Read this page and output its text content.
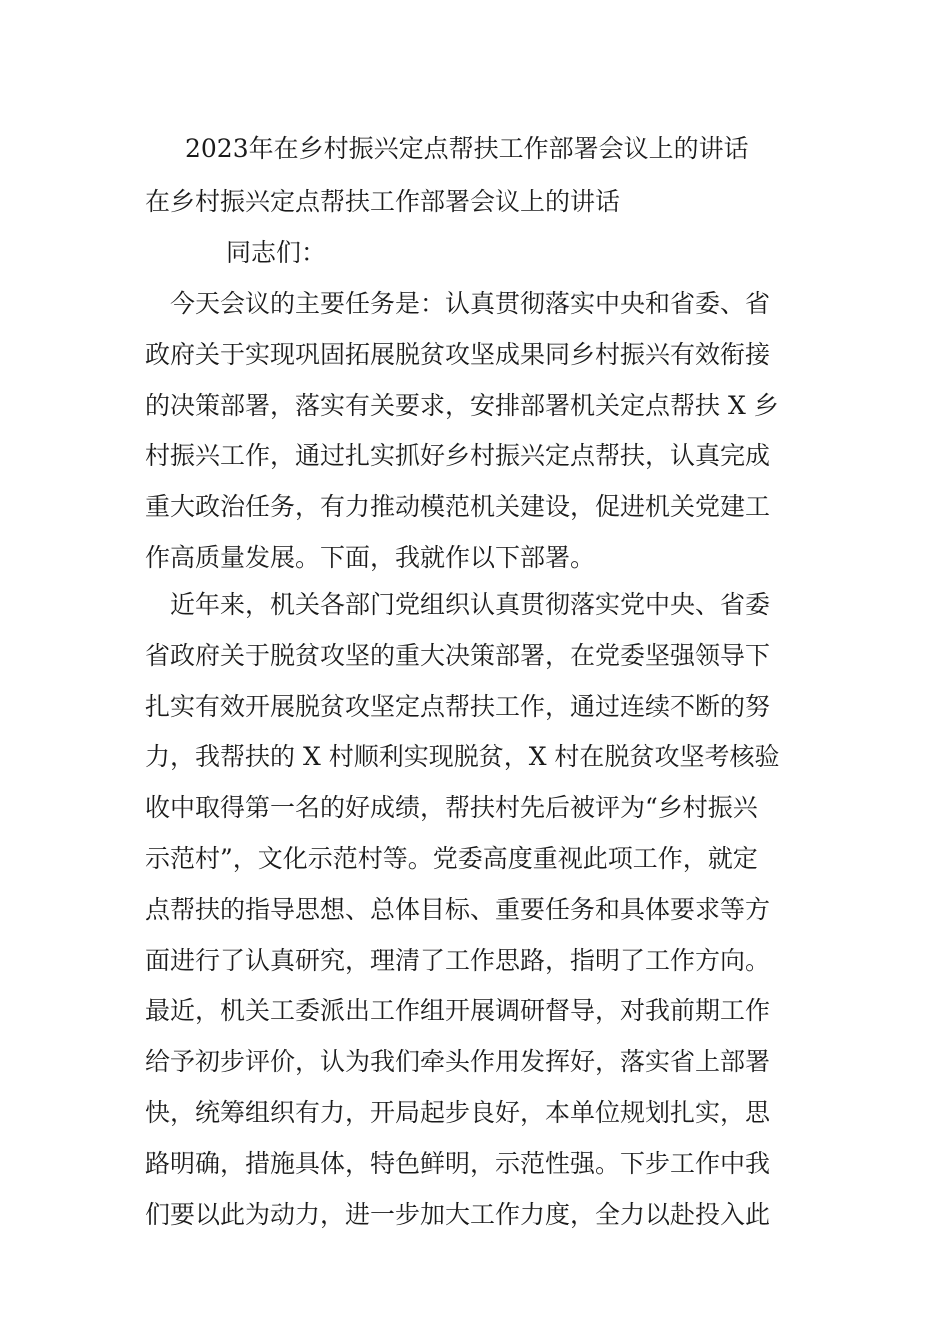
2023年在乡村振兴定点帮扶工作部署会议上的讲话
在乡村振兴定点帮扶工作部署会议上的讲话

同志们：

　今天会议的主要任务是：认真贯彻落实中央和省委、省
政府关于实现巩固拓展脱贫攻坚成果同乡村振兴有效衔接
的决策部署，落实有关要求，安排部署机关定点帮扶 X 乡
村振兴工作，通过扎实抓好乡村振兴定点帮扶，认真完成
重大政治任务，有力推动模范机关建设，促进机关党建工
作高质量发展。下面，我就作以下部署。

　近年来，机关各部门党组织认真贯彻落实党中央、省委
省政府关于脱贫攻坚的重大决策部署，在党委坚强领导下
扎实有效开展脱贫攻坚定点帮扶工作，通过连续不断的努
力，我帮扶的 X 村顺利实现脱贫，X 村在脱贫攻坚考核验
收中取得第一名的好成绩，帮扶村先后被评为“乡村振兴
示范村”，文化示范村等。党委高度重视此项工作，就定
点帮扶的指导思想、总体目标、重要任务和具体要求等方
面进行了认真研究，理清了工作思路，指明了工作方向。
最近，机关工委派出工作组开展调研督导，对我前期工作
给予初步评价，认为我们牵头作用发挥好，落实省上部署
快，统筹组织有力，开局起步良好，本单位规划扎实，思
路明确，措施具体，特色鲜明，示范性强。下步工作中我
们要以此为动力，进一步加大工作力度，全力以赴投入此
